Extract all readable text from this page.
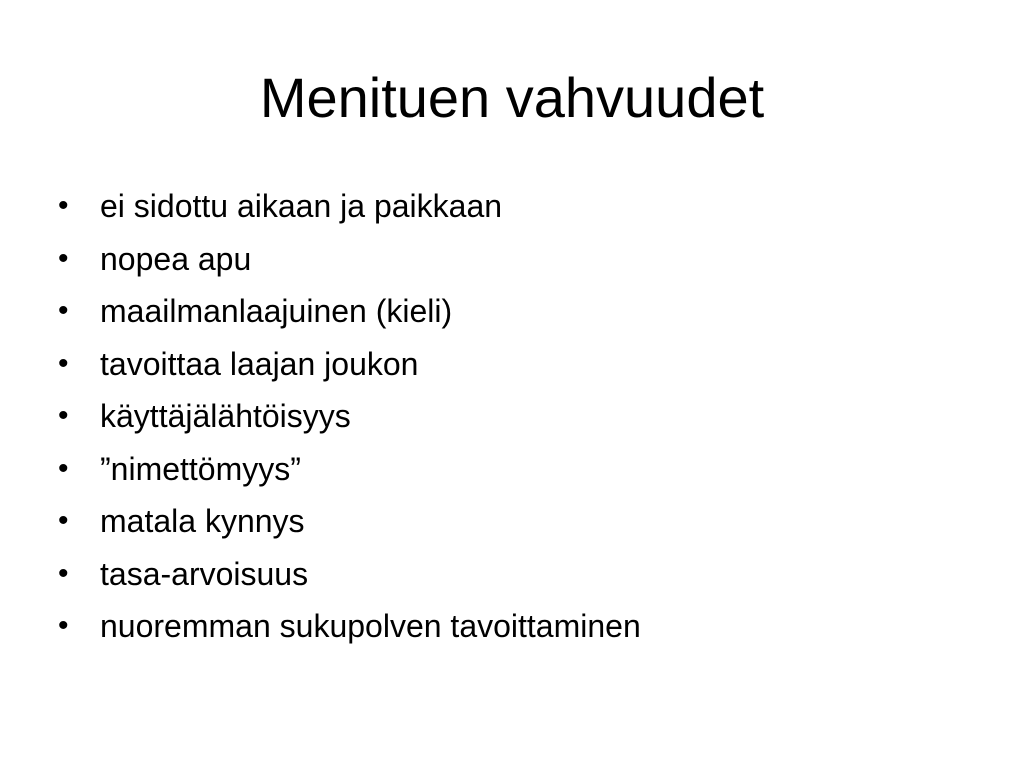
Menituen vahvuudet
• ei sidottu aikaan ja paikkaan
• nopea apu
• maailmanlaajuinen (kieli)
• tavoittaa laajan joukon
• käyttäjälähtöisyys
• ”nimettömyys”
• matala kynnys
• tasa-arvoisuus
• nuoremman sukupolven tavoittaminen
